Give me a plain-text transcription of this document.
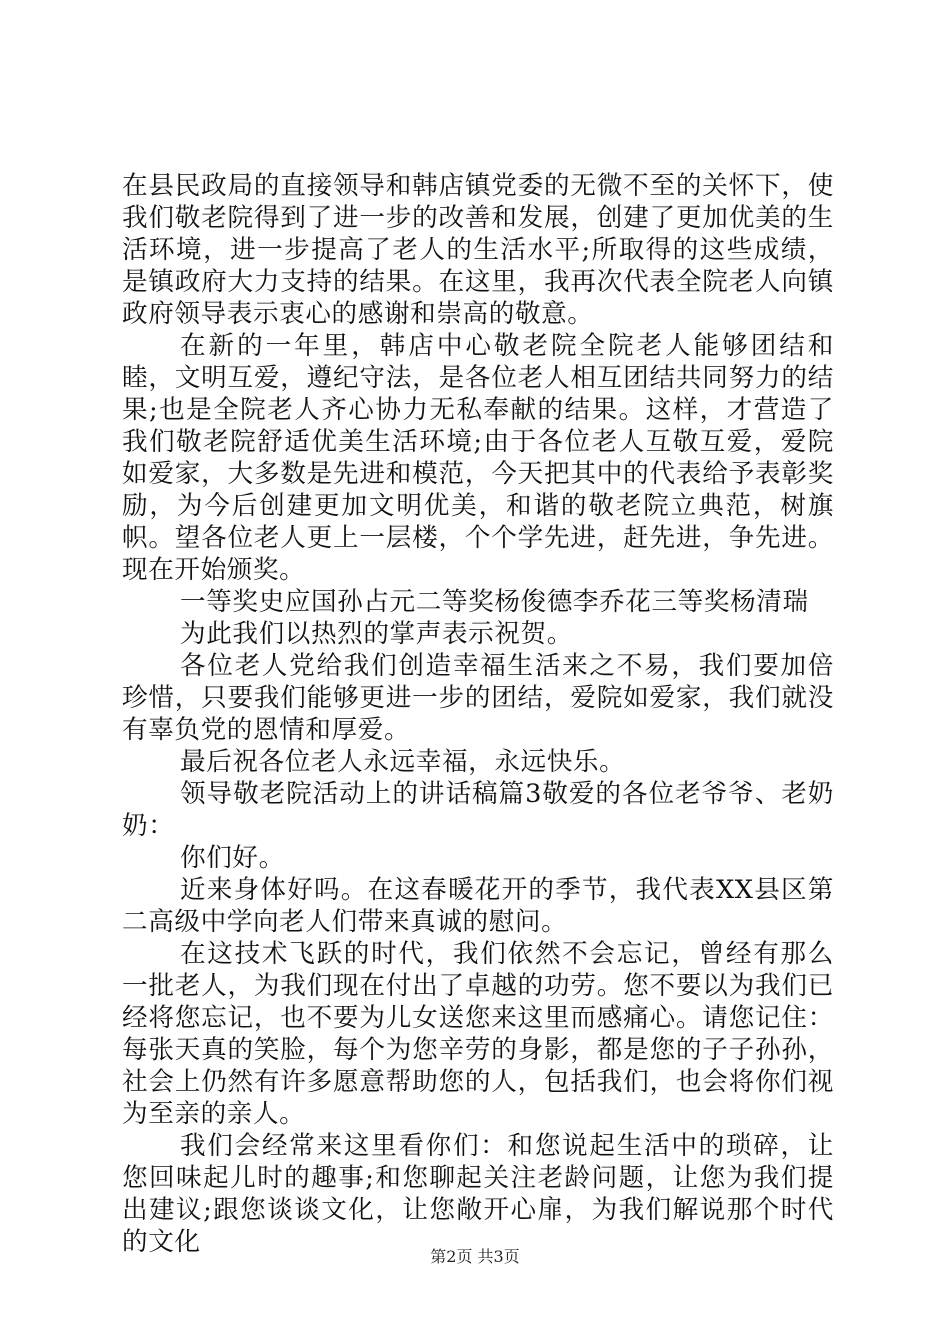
在县民政局的直接领导和韩店镇党委的无微不至的关怀下，使我们敬老院得到了进一步的改善和发展，创建了更加优美的生活环境，进一步提高了老人的生活水平;所取得的这些成绩，是镇政府大力支持的结果。在这里，我再次代表全院老人向镇政府领导表示衷心的感谢和崇高的敬意。

在新的一年里，韩店中心敬老院全院老人能够团结和睦，文明互爱，遵纪守法，是各位老人相互团结共同努力的结果;也是全院老人齐心协力无私奉献的结果。这样，才营造了我们敬老院舒适优美生活环境;由于各位老人互敬互爱，爱院如爱家，大多数是先进和模范，今天把其中的代表给予表彰奖励，为今后创建更加文明优美，和谐的敬老院立典范，树旗帜。望各位老人更上一层楼，个个学先进，赶先进，争先进。现在开始颁奖。

一等奖史应国孙占元二等奖杨俊德李乔花三等奖杨清瑞

为此我们以热烈的掌声表示祝贺。

各位老人党给我们创造幸福生活来之不易，我们要加倍珍惜，只要我们能够更进一步的团结，爱院如爱家，我们就没有辜负党的恩情和厚爱。

最后祝各位老人永远幸福，永远快乐。

领导敬老院活动上的讲话稿篇3敬爱的各位老爷爷、老奶奶：

你们好。

近来身体好吗。在这春暖花开的季节，我代表XX县区第二高级中学向老人们带来真诚的慰问。

在这技术飞跃的时代，我们依然不会忘记，曾经有那么一批老人，为我们现在付出了卓越的功劳。您不要以为我们已经将您忘记，也不要为儿女送您来这里而感痛心。请您记住：每张天真的笑脸，每个为您辛劳的身影，都是您的子子孙孙，社会上仍然有许多愿意帮助您的人，包括我们，也会将你们视为至亲的亲人。

我们会经常来这里看你们：和您说起生活中的琐碎，让您回味起儿时的趣事;和您聊起关注老龄问题，让您为我们提出建议;跟您谈谈文化，让您敞开心扉，为我们解说那个时代的文化	第2页 共3页
